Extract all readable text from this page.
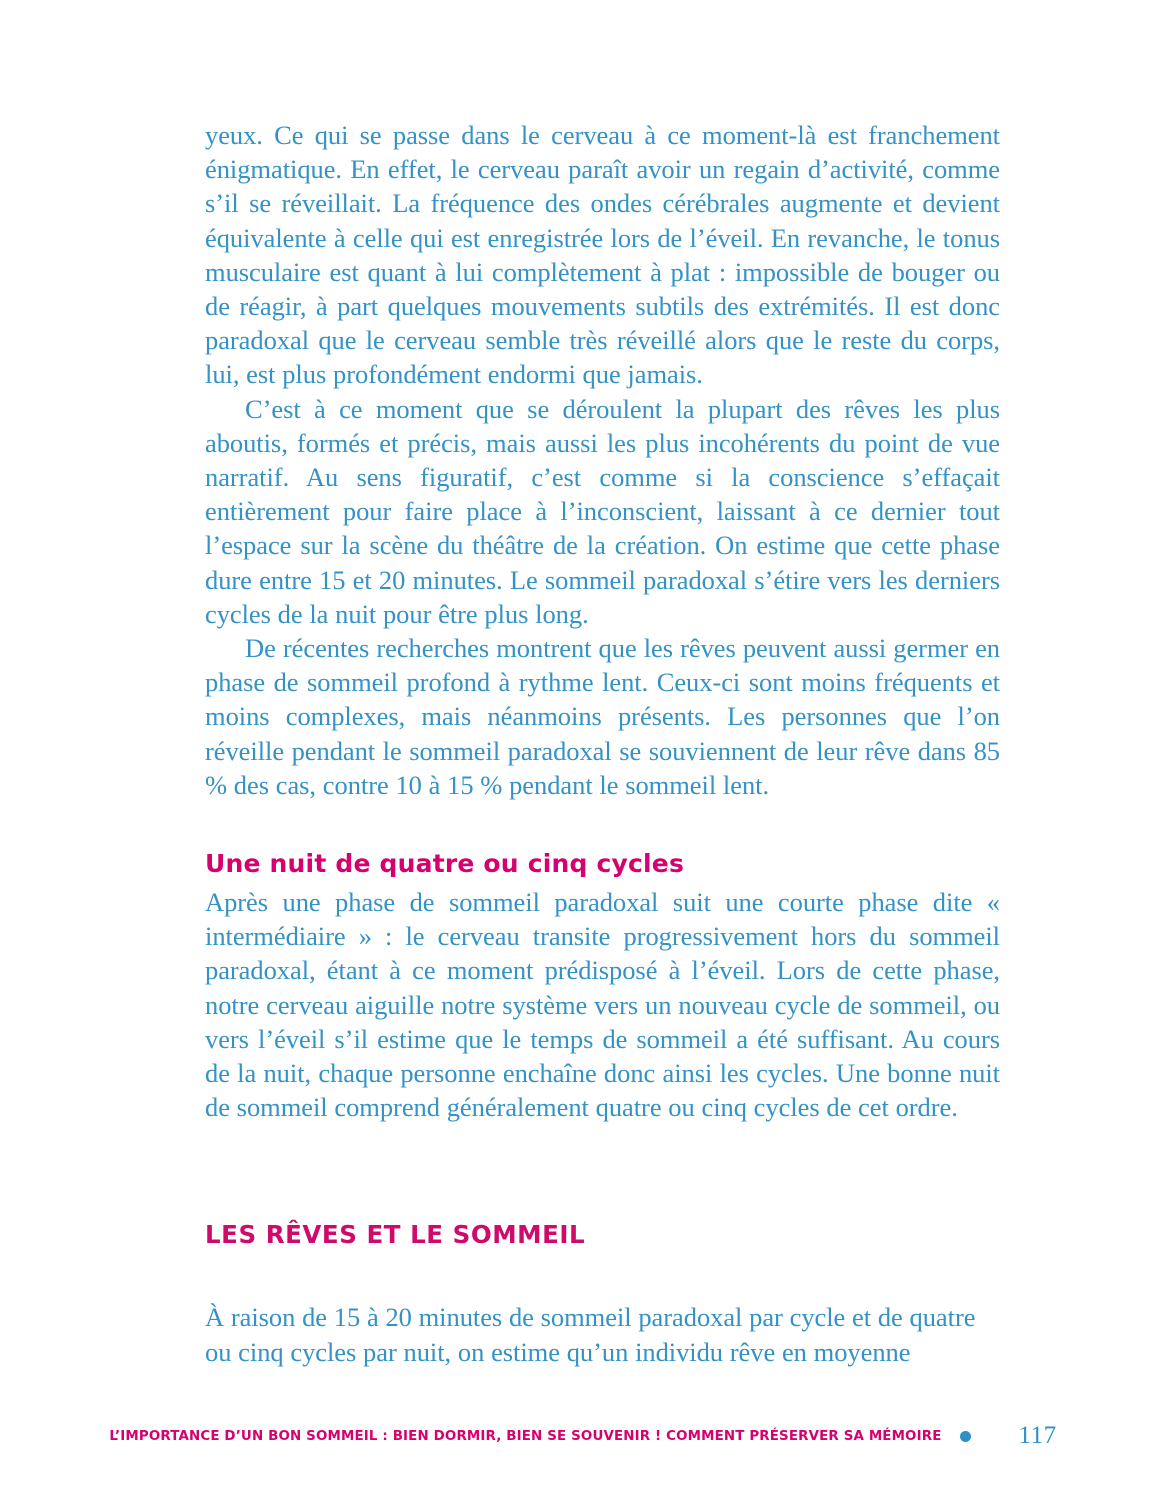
yeux. Ce qui se passe dans le cerveau à ce moment-là est franchement énigmatique. En effet, le cerveau paraît avoir un regain d’activité, comme s’il se réveillait. La fréquence des ondes cérébrales augmente et devient équivalente à celle qui est enregistrée lors de l’éveil. En revanche, le tonus musculaire est quant à lui complètement à plat : impossible de bouger ou de réagir, à part quelques mouvements subtils des extrémités. Il est donc paradoxal que le cerveau semble très réveillé alors que le reste du corps, lui, est plus profondément endormi que jamais.

C’est à ce moment que se déroulent la plupart des rêves les plus aboutis, formés et précis, mais aussi les plus incohérents du point de vue narratif. Au sens figuratif, c’est comme si la conscience s’effaçait entièrement pour faire place à l’inconscient, laissant à ce dernier tout l’espace sur la scène du théâtre de la création. On estime que cette phase dure entre 15 et 20 minutes. Le sommeil paradoxal s’étire vers les derniers cycles de la nuit pour être plus long.

De récentes recherches montrent que les rêves peuvent aussi germer en phase de sommeil profond à rythme lent. Ceux-ci sont moins fréquents et moins complexes, mais néanmoins présents. Les personnes que l’on réveille pendant le sommeil paradoxal se souviennent de leur rêve dans 85 % des cas, contre 10 à 15 % pendant le sommeil lent.

Une nuit de quatre ou cinq cycles

Après une phase de sommeil paradoxal suit une courte phase dite « intermédiaire » : le cerveau transite progressivement hors du sommeil paradoxal, étant à ce moment prédisposé à l’éveil. Lors de cette phase, notre cerveau aiguille notre système vers un nouveau cycle de sommeil, ou vers l’éveil s’il estime que le temps de sommeil a été suffisant. Au cours de la nuit, chaque personne enchaîne donc ainsi les cycles. Une bonne nuit de sommeil comprend généralement quatre ou cinq cycles de cet ordre.

LES RÊVES ET LE SOMMEIL

À raison de 15 à 20 minutes de sommeil paradoxal par cycle et de quatre ou cinq cycles par nuit, on estime qu’un individu rêve en moyenne

L’IMPORTANCE D’UN BON SOMMEIL : BIEN DORMIR, BIEN SE SOUVENIR ! COMMENT PRÉSERVER SA MÉMOIRE	117
